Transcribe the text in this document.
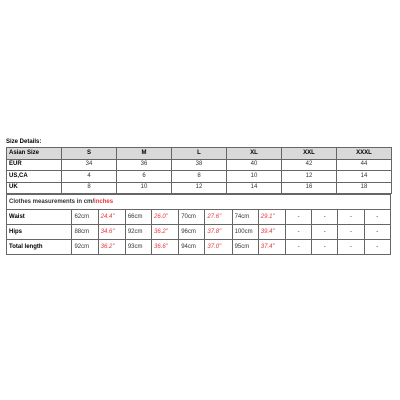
Size Details:
Asian Size	S	M	L	XL	XXL	XXXL
EUR	34	36	38	40	42	44
US,CA	4	6	8	10	12	14
UK	8	10	12	14	16	18
Clothes measurements in cm/inches												
Waist	62cm	24.4"	66cm	26.0"	70cm	27.6"	74cm	29.1"	-	-	-	-
Hips	88cm	34.6"	92cm	36.2"	96cm	37.8"	100cm	39.4"	-	-	-	-
Total length	92cm	36.2"	93cm	36.6"	94cm	37.0"	95cm	37.4"	-	-	-	-
